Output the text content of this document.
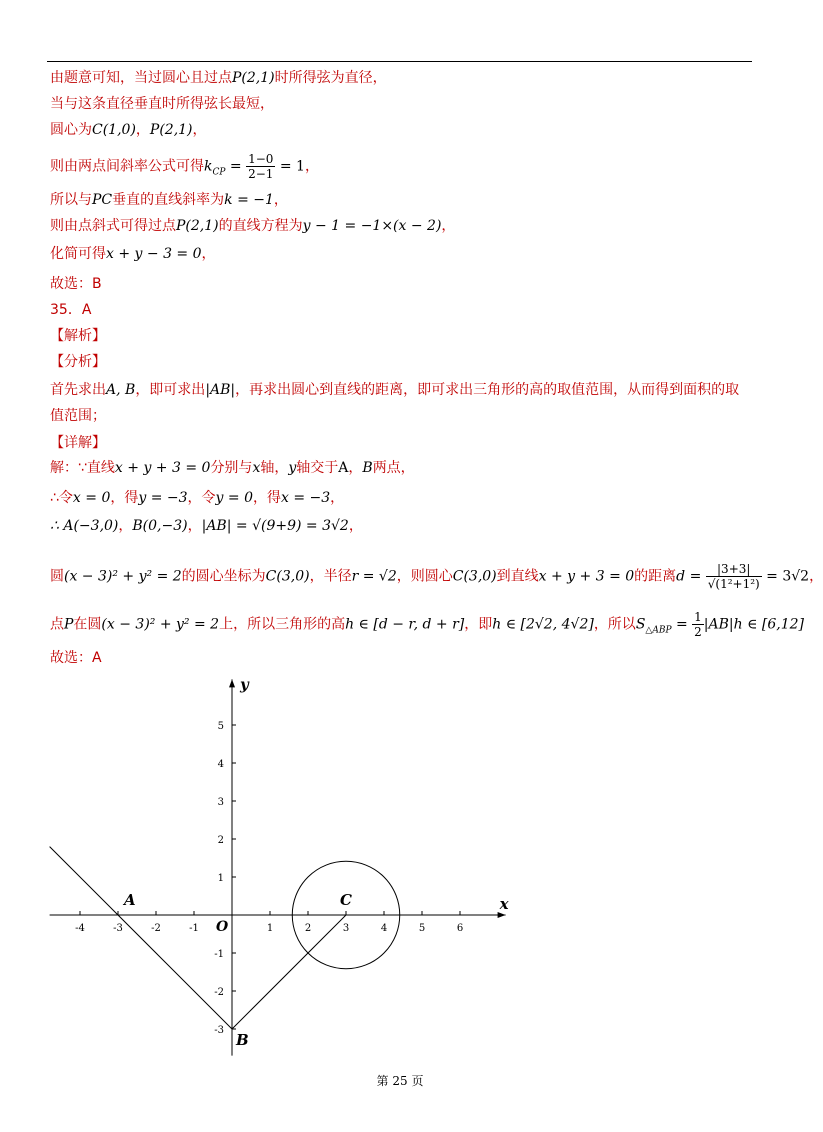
由题意可知，当过圆心且过点P(2,1)时所得弦为直径，
当与这条直径垂直时所得弦长最短，
圆心为C(1,0)，P(2,1)，
则由两点间斜率公式可得$k_{CP} = \frac{1-0}{2-1} = 1$，
所以与PC垂直的直线斜率为k = −1，
则由点斜式可得过点P(2,1)的直线方程为y − 1 = −1×(x − 2)，
化简可得x + y − 3 = 0，
故选：B
35．A
【解析】
【分析】
首先求出A, B，即可求出|AB|，再求出圆心到直线的距离，即可求出三角形的高的取值范围，从而得到面积的取
值范围；
【详解】
解：∵直线x + y + 3 = 0分别与x轴，y轴交于A，B两点，
∴令x = 0，得y = −3，令y = 0，得x = −3，
∴ A(−3,0)，B(0,−3)，|AB| = √(9+9) = 3√2，
圆(x − 3)² + y² = 2的圆心坐标为C(3,0)，半径r = √2，则圆心C(3,0)到直线x + y + 3 = 0的距离$d = \frac{|3+3|}{\text{√(1²+1²)}} = 3√2$，
点P在圆(x − 3)² + y² = 2上，所以三角形的高h ∈ [d − r, d + r]，即h ∈ [2√2, 4√2]，所以$S_{\triangle ABP} = \frac{1}{2} |AB|h$ ∈ [6,12]
故选：A
-4	-3	-2	-1	1	2	3	4	5	6
5
4
3
2
1
-1
-2
-3
x
y
O
A
B
C
第 25 页
